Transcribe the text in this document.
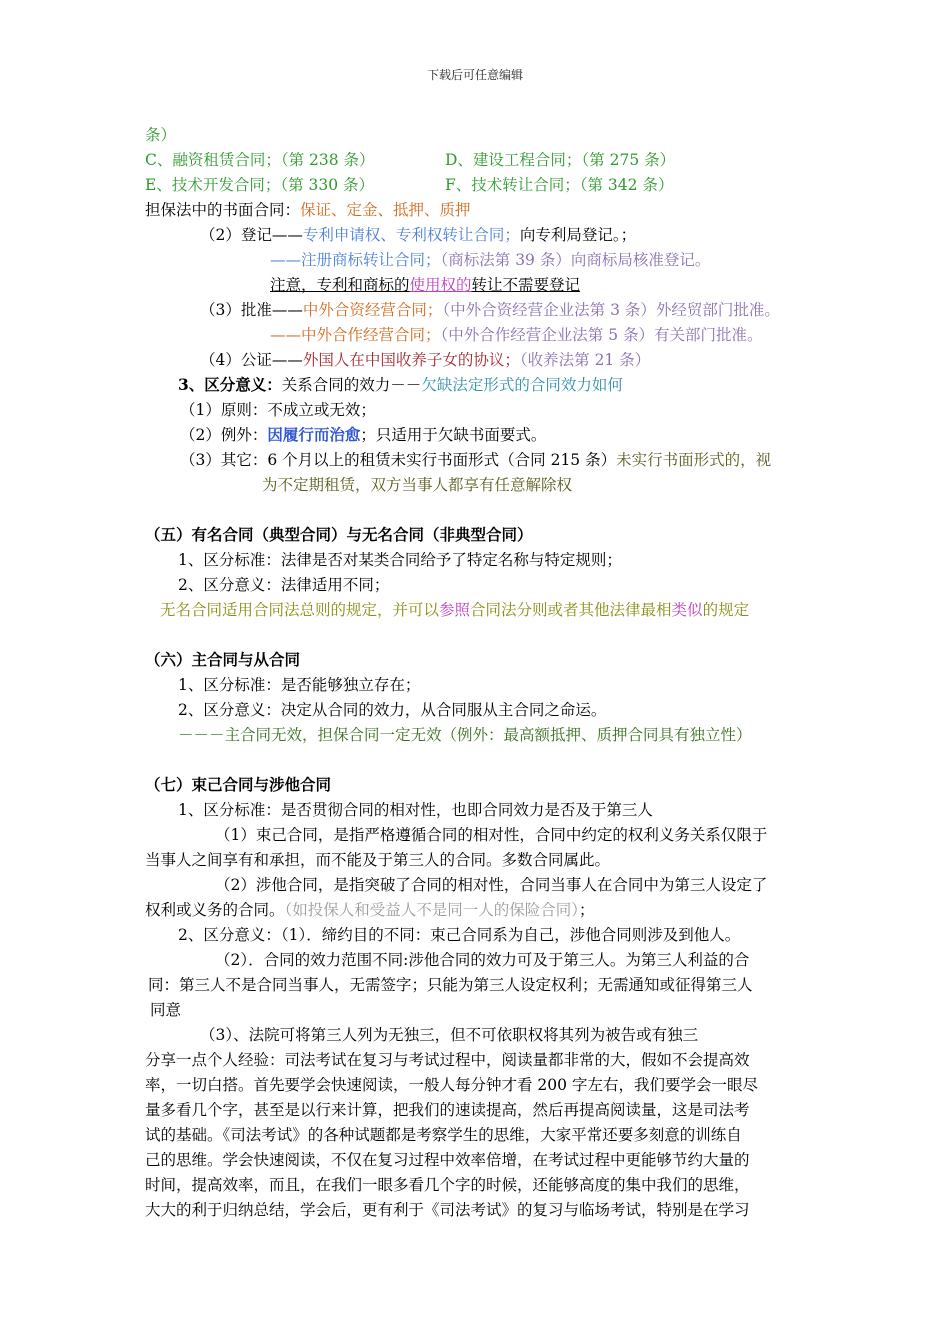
下载后可任意编辑
条）
C、融资租赁合同；（第 238 条）	D、建设工程合同；（第 275 条）
E、技术开发合同；（第 330 条）	F、技术转让合同；（第 342 条）
担保法中的书面合同：保证、定金、抵押、质押
（2）登记——专利申请权、专利权转让合同；向专利局登记。；
——注册商标转让合同；（商标法第 39 条）向商标局核准登记。
注意，专利和商标的使用权的转让不需要登记
（3）批准——中外合资经营合同；（中外合资经营企业法第 3 条）外经贸部门批准。
——中外合作经营合同；（中外合作经营企业法第 5 条）有关部门批准。
（4）公证——外国人在中国收养子女的协议；（收养法第 21 条）
3、区分意义：关系合同的效力－－欠缺法定形式的合同效力如何
（1）原则：不成立或无效；
（2）例外：因履行而治愈；只适用于欠缺书面要式。
（3）其它：6 个月以上的租赁未实行书面形式（合同 215 条）未实行书面形式的，视
为不定期租赁，双方当事人都享有任意解除权
（五）有名合同（典型合同）与无名合同（非典型合同）
1、区分标准：法律是否对某类合同给予了特定名称与特定规则；
2、区分意义：法律适用不同；
无名合同适用合同法总则的规定，并可以参照合同法分则或者其他法律最相类似的规定
（六）主合同与从合同
1、区分标准：是否能够独立存在；
2、区分意义：决定从合同的效力，从合同服从主合同之命运。
－－－主合同无效，担保合同一定无效（例外：最高额抵押、质押合同具有独立性）
（七）束己合同与涉他合同
1、区分标准：是否贯彻合同的相对性，也即合同效力是否及于第三人
（1）束己合同，是指严格遵循合同的相对性，合同中约定的权利义务关系仅限于
当事人之间享有和承担，而不能及于第三人的合同。多数合同属此。
（2）涉他合同，是指突破了合同的相对性，合同当事人在合同中为第三人设定了
权利或义务的合同。（如投保人和受益人不是同一人的保险合同）；
2、区分意义：（1）．缔约目的不同：束己合同系为自己，涉他合同则涉及到他人。
（2）．合同的效力范围不同:涉他合同的效力可及于第三人。为第三人利益的合
同：第三人不是合同当事人，无需签字；只能为第三人设定权利；无需通知或征得第三人
同意
（3）、法院可将第三人列为无独三，但不可依职权将其列为被告或有独三
分享一点个人经验：司法考试在复习与考试过程中，阅读量都非常的大，假如不会提高效
率，一切白搭。首先要学会快速阅读，一般人每分钟才看 200 字左右，我们要学会一眼尽
量多看几个字，甚至是以行来计算，把我们的速读提高，然后再提高阅读量，这是司法考
试的基础。《司法考试》的各种试题都是考察学生的思维，大家平常还要多刻意的训练自
己的思维。学会快速阅读，不仅在复习过程中效率倍增，在考试过程中更能够节约大量的
时间，提高效率，而且，在我们一眼多看几个字的时候，还能够高度的集中我们的思维，
大大的利于归纳总结，学会后，更有利于《司法考试》的复习与临场考试，特别是在学习
